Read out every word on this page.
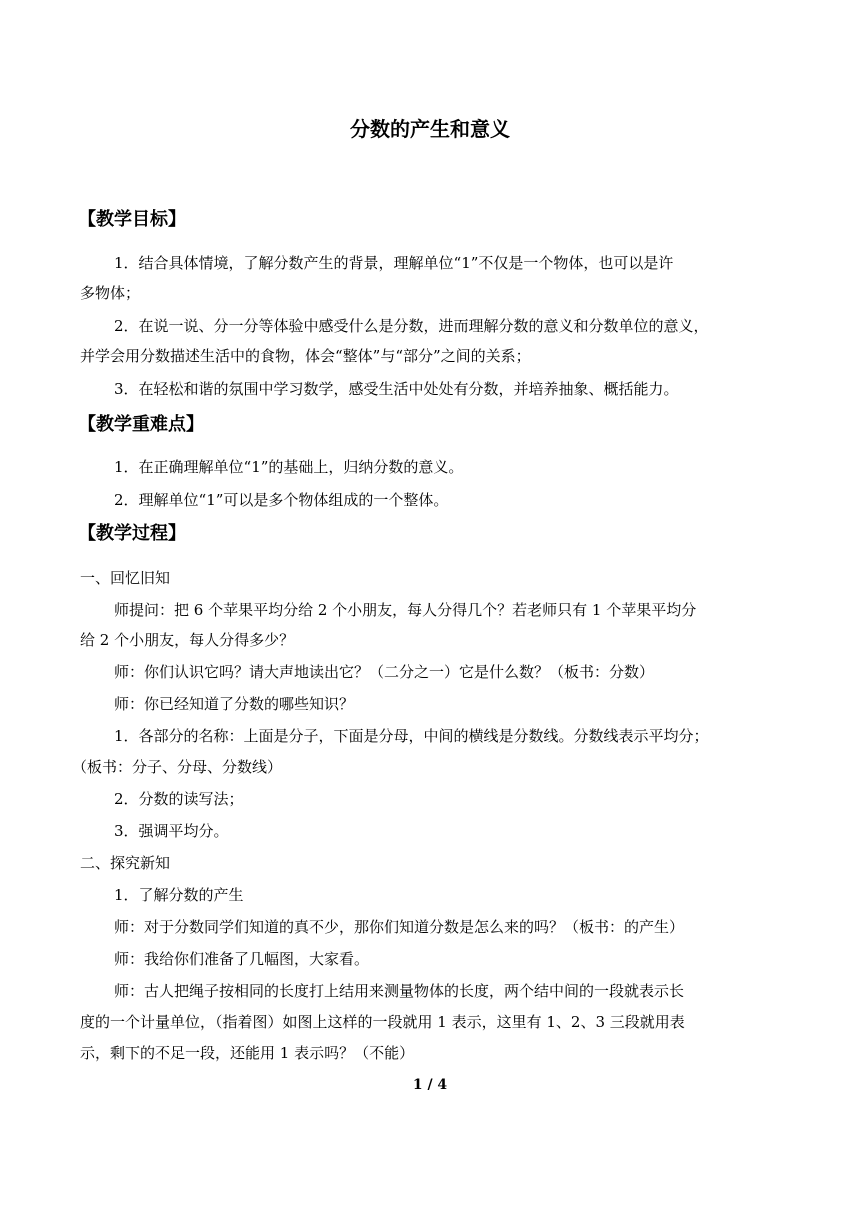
分数的产生和意义
【教学目标】
1．结合具体情境，了解分数产生的背景，理解单位“1”不仅是一个物体，也可以是许
多物体；
2．在说一说、分一分等体验中感受什么是分数，进而理解分数的意义和分数单位的意义，
并学会用分数描述生活中的食物，体会“整体”与“部分”之间的关系；
3．在轻松和谐的氛围中学习数学，感受生活中处处有分数，并培养抽象、概括能力。
【教学重难点】
1．在正确理解单位“1”的基础上，归纳分数的意义。
2．理解单位“1”可以是多个物体组成的一个整体。
【教学过程】
一、回忆旧知
师提问：把 6 个苹果平均分给 2 个小朋友，每人分得几个？若老师只有 1 个苹果平均分
给 2 个小朋友，每人分得多少？
师：你们认识它吗？请大声地读出它？（二分之一）它是什么数？（板书：分数）
师：你已经知道了分数的哪些知识？
1．各部分的名称：上面是分子，下面是分母，中间的横线是分数线。分数线表示平均分；
（板书：分子、分母、分数线）
2．分数的读写法；
3．强调平均分。
二、探究新知
1．了解分数的产生
师：对于分数同学们知道的真不少，那你们知道分数是怎么来的吗？（板书：的产生）
师：我给你们准备了几幅图，大家看。
师：古人把绳子按相同的长度打上结用来测量物体的长度，两个结中间的一段就表示长
度的一个计量单位，（指着图）如图上这样的一段就用 1 表示，这里有 1、2、3 三段就用表
示，剩下的不足一段，还能用 1 表示吗？（不能）
1 / 4
